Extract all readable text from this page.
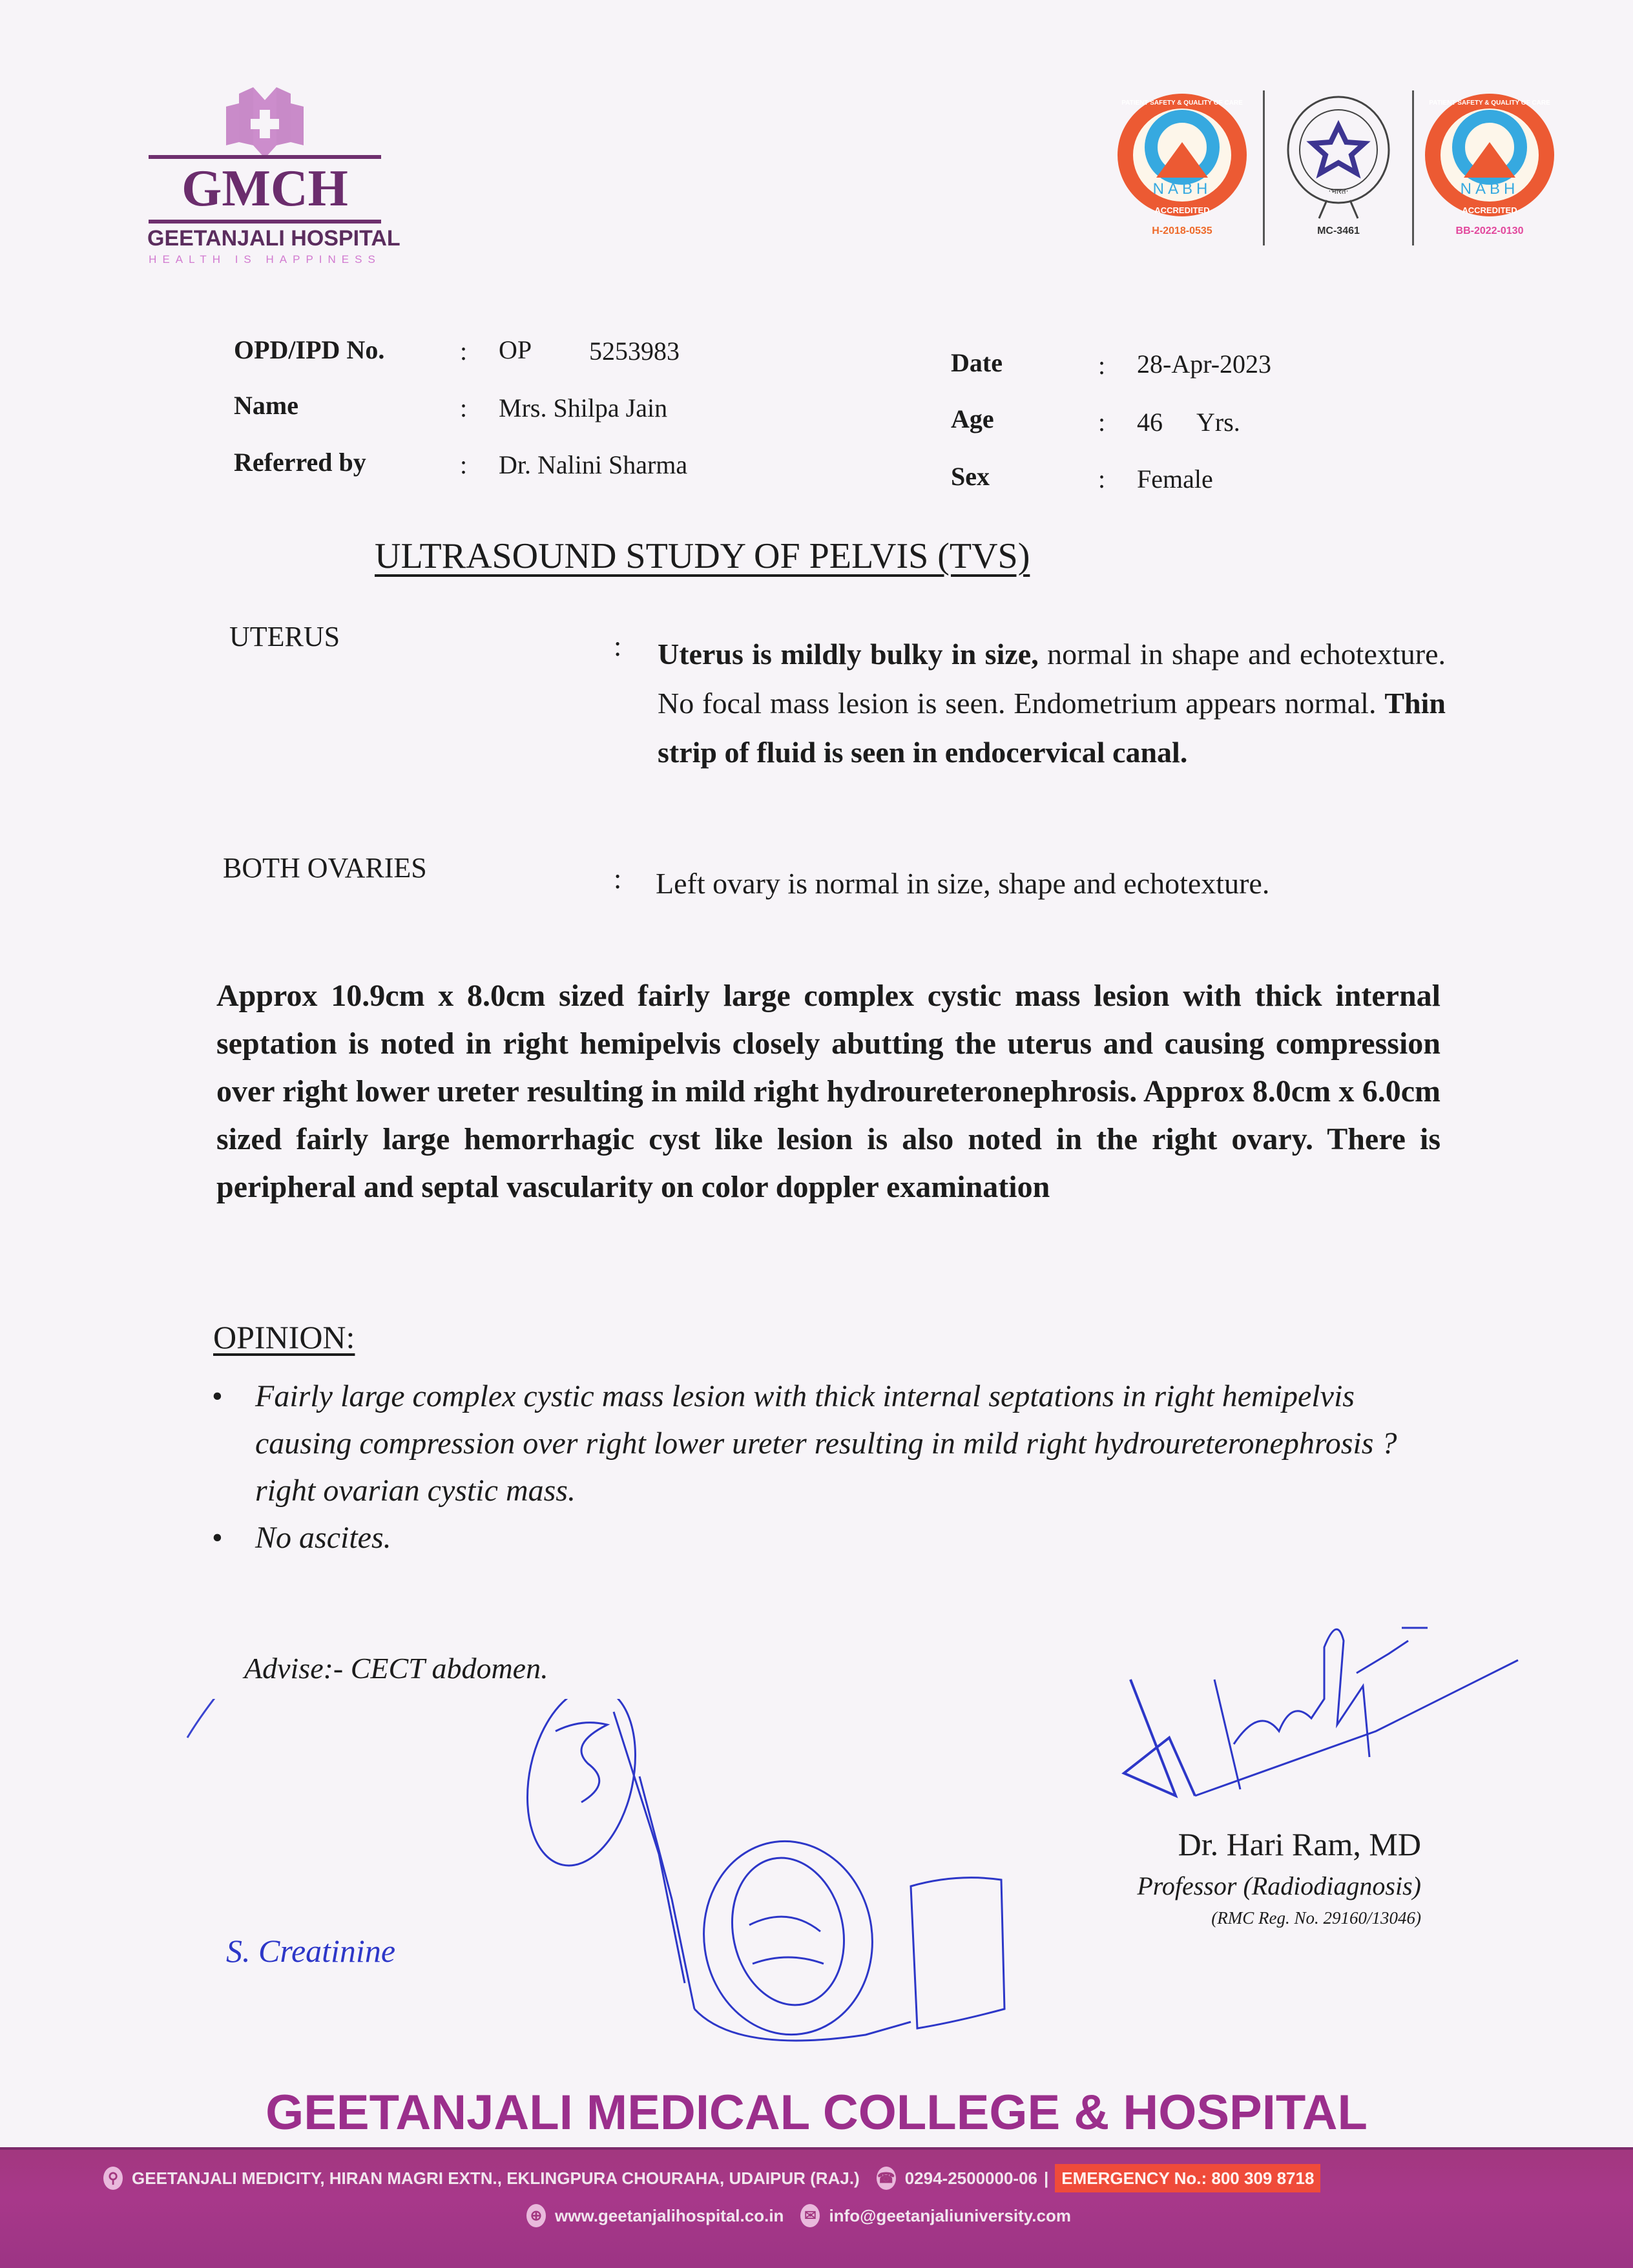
GMCH
GEETANJALI HOSPITAL
HEALTH IS HAPPINESS
NABH
ACCREDITED
PATIENT SAFETY & QUALITY OF CARE
H-2018-0535
·भारत·
MC-3461
NABH
ACCREDITED
PATIENT SAFETY & QUALITY OF CARE
BB-2022-0130
OPD/IPD No.	: OP 5253983
Name	: Mrs. Shilpa Jain
Referred by	: Dr. Nalini Sharma
Date	: 28-Apr-2023
Age	: 46 Yrs.
Sex	: Female
ULTRASOUND STUDY OF PELVIS (TVS)
UTERUS	: Uterus is mildly bulky in size, normal in shape and echotexture. No focal mass lesion is seen. Endometrium appears normal. Thin strip of fluid is seen in endocervical canal.
BOTH OVARIES	: Left ovary is normal in size, shape and echotexture.
Approx 10.9cm x 8.0cm sized fairly large complex cystic mass lesion with thick internal septation is noted in right hemipelvis closely abutting the uterus and causing compression over right lower ureter resulting in mild right hydroureteronephrosis. Approx 8.0cm x 6.0cm sized fairly large hemorrhagic cyst like lesion is also noted in the right ovary. There is peripheral and septal vascularity on color doppler examination
OPINION:
• Fairly large complex cystic mass lesion with thick internal septations in right hemipelvis causing compression over right lower ureter resulting in mild right hydroureteronephrosis ? right ovarian cystic mass.
• No ascites.
Advise:- CECT abdomen.
S. Creatinine
Dr. Hari Ram, MD
Professor (Radiodiagnosis)
(RMC Reg. No. 29160/13046)
GEETANJALI MEDICAL COLLEGE & HOSPITAL
⚲ GEETANJALI MEDICITY, HIRAN MAGRI EXTN., EKLINGPURA CHOURAHA, UDAIPUR (RAJ.) ☎ 0294-2500000-06 | EMERGENCY No.: 800 309 8718
⊕ www.geetanjalihospital.co.in ✉ info@geetanjaliuniversity.com
